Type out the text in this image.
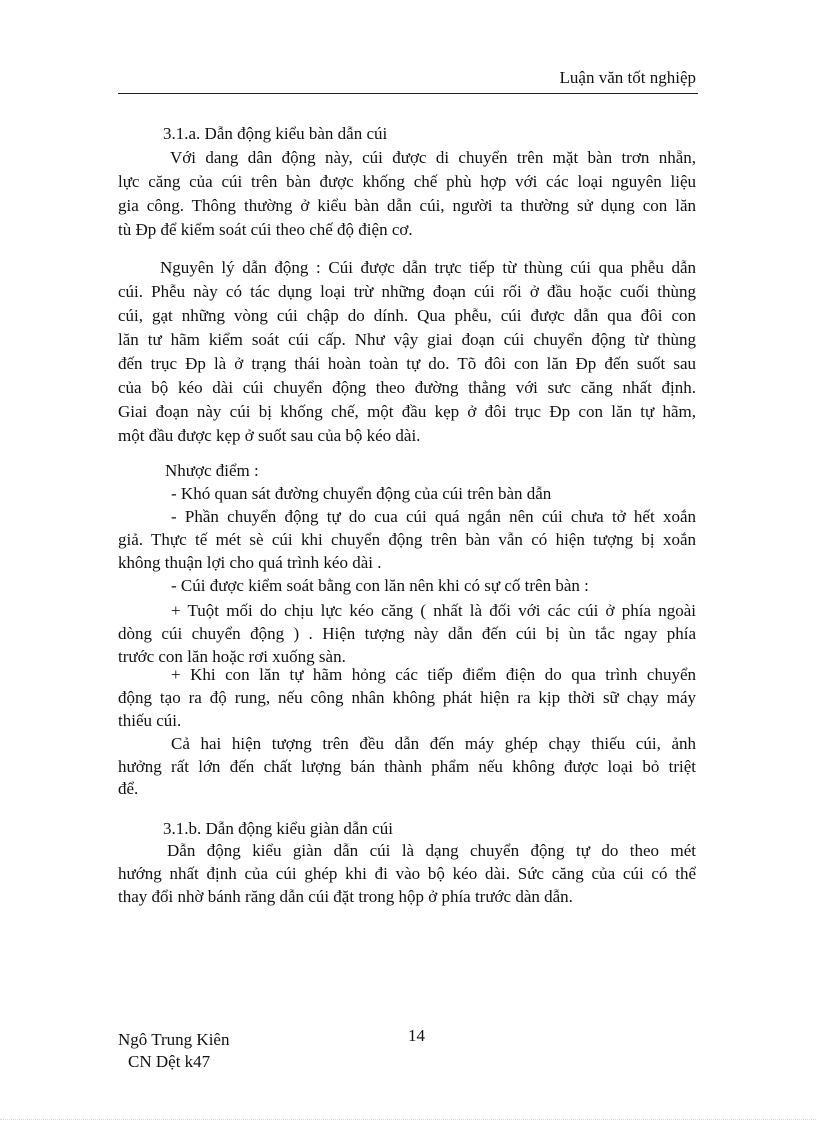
Luận văn tốt nghiệp
3.1.a. Dẫn động kiểu bàn dẫn cúi
Với dang dân động này, cúi được di chuyển trên mặt bàn trơn nhẵn,
lực căng của cúi trên bàn được khống chế phù hợp với các loại nguyên liệu
gia công. Thông thường ở kiểu bàn dẫn cúi, người ta thường sử dụng con lăn
tù Đp để kiểm soát cúi theo chế độ điện cơ.
Nguyên lý dẫn động : Cúi được dẫn trực tiếp từ thùng cúi qua phễu dẫn
cúi. Phễu này có tác dụng loại trừ những đoạn cúi rối ở đầu hoặc cuối thùng
cúi, gạt những vòng cúi chập do dính. Qua phễu, cúi được dẫn qua đôi con
lăn tư hãm kiểm soát cúi cấp. Như vậy giai đoạn cúi chuyển động từ thùng
đến trục Đp là ở trạng thái hoàn toàn tự do. Tõ đôi con lăn Đp đến suốt sau
của bộ kéo dài cúi chuyển động theo đường thẳng với sưc căng nhất định.
Giai đoạn này cúi bị khống chế, một đầu kẹp ở đôi trục Đp con lăn tự hãm,
một đầu được kẹp ở suốt sau của bộ kéo dài.
Nhược điểm :
- Khó quan sát đường chuyển động của cúi trên bàn dẫn
- Phần chuyển động tự do cua cúi quá ngắn nên cúi chưa tở hết xoắn
giả. Thực tế mét sè cúi khi chuyển động trên bàn vẫn có hiện tượng bị xoắn
không thuận lợi cho quá trình kéo dài .
- Cúi được kiểm soát bằng con lăn nên khi có sự cố trên bàn :
+ Tuột mối do chịu lực kéo căng ( nhất là đối với các cúi ở phía ngoài
dòng cúi chuyển động ) . Hiện tượng này dẫn đến cúi bị ùn tắc ngay phía
trước con lăn hoặc rơi xuống sàn.
+ Khi con lăn tự hãm hỏng các tiếp điểm điện do qua trình chuyển
động tạo ra độ rung, nếu công nhân không phát hiện ra kịp thời sữ chạy máy
thiếu cúi.
Cả hai hiện tượng trên đều dẫn đến máy ghép chạy thiếu cúi, ảnh
hưởng rất lớn đến chất lượng bán thành phẩm nếu không được loại bỏ triệt
để.
3.1.b. Dẫn động kiểu giàn dẫn cúi
Dẫn động kiểu giàn dẫn cúi là dạng chuyển động tự do theo mét
hướng nhất định của cúi ghép khi đi vào bộ kéo dài. Sức căng của cúi có thể
thay đổi nhờ bánh răng dẫn cúi đặt trong hộp ở phía trước dàn dẫn.
Ngô Trung Kiên	14
CN Dệt k47
